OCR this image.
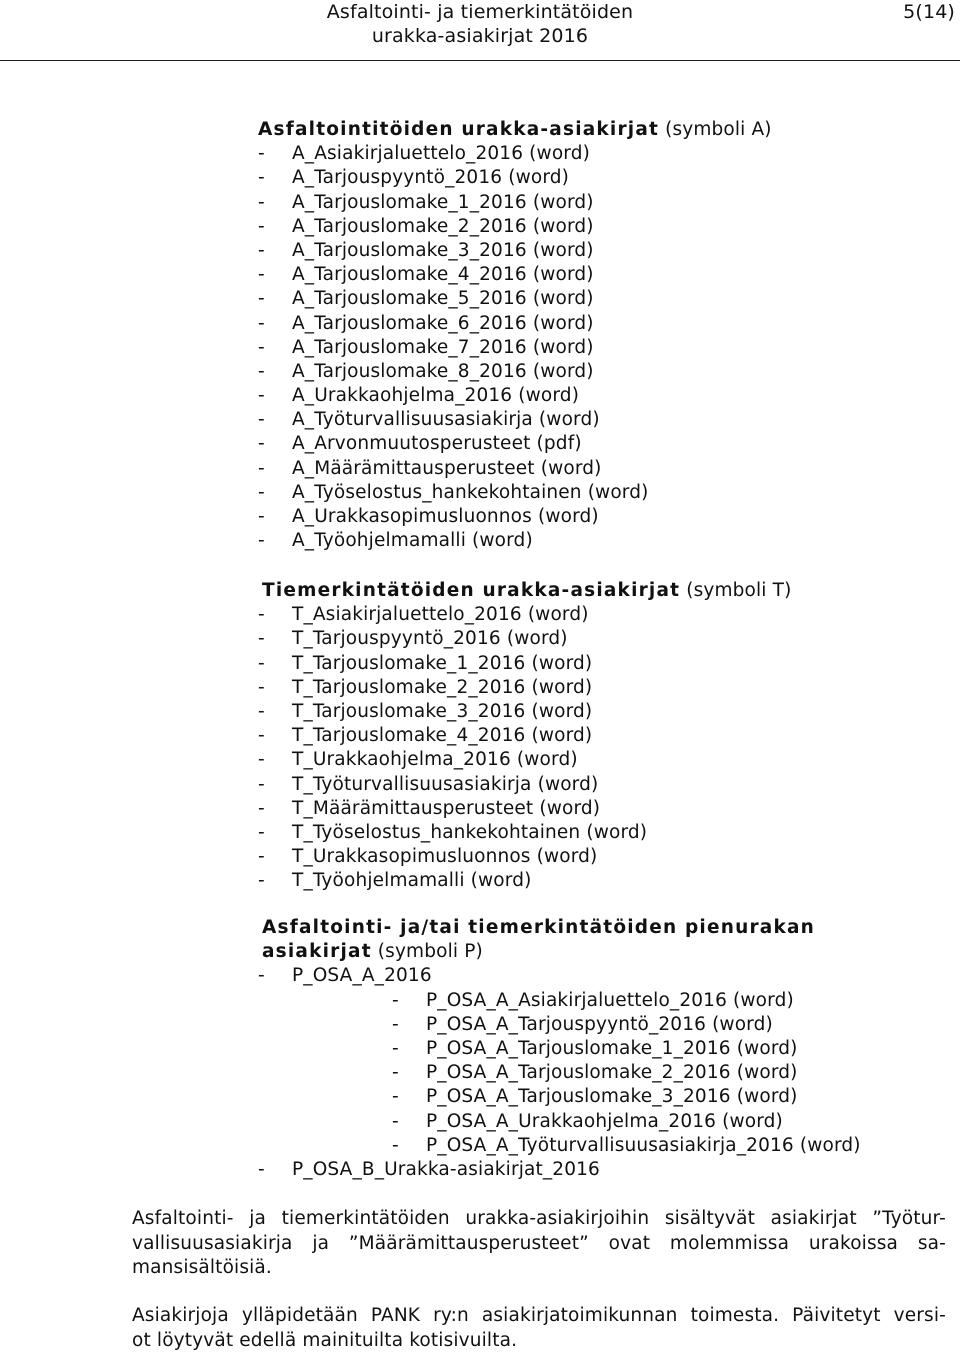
Asfaltointi- ja tiemerkintätöiden
urakka-asiakirjat 2016
5(14)
Asfaltointitöiden urakka-asiakirjat (symboli A)
- A_Asiakirjaluettelo_2016 (word)
- A_Tarjouspyyntö_2016 (word)
- A_Tarjouslomake_1_2016 (word)
- A_Tarjouslomake_2_2016 (word)
- A_Tarjouslomake_3_2016 (word)
- A_Tarjouslomake_4_2016 (word)
- A_Tarjouslomake_5_2016 (word)
- A_Tarjouslomake_6_2016 (word)
- A_Tarjouslomake_7_2016 (word)
- A_Tarjouslomake_8_2016 (word)
- A_Urakkaohjelma_2016 (word)
- A_Työturvallisuusasiakirja (word)
- A_Arvonmuutosperusteet (pdf)
- A_Määrämittausperusteet (word)
- A_Työselostus_hankekohtainen (word)
- A_Urakkasopimusluonnos (word)
- A_Työohjelmamalli (word)
Tiemerkintätöiden urakka-asiakirjat (symboli T)
- T_Asiakirjaluettelo_2016 (word)
- T_Tarjouspyyntö_2016 (word)
- T_Tarjouslomake_1_2016 (word)
- T_Tarjouslomake_2_2016 (word)
- T_Tarjouslomake_3_2016 (word)
- T_Tarjouslomake_4_2016 (word)
- T_Urakkaohjelma_2016 (word)
- T_Työturvallisuusasiakirja (word)
- T_Määrämittausperusteet (word)
- T_Työselostus_hankekohtainen (word)
- T_Urakkasopimusluonnos (word)
- T_Työohjelmamalli (word)
Asfaltointi- ja/tai tiemerkintätöiden pienurakan
asiakirjat (symboli P)
- P_OSA_A_2016
- P_OSA_A_Asiakirjaluettelo_2016 (word)
- P_OSA_A_Tarjouspyyntö_2016 (word)
- P_OSA_A_Tarjouslomake_1_2016 (word)
- P_OSA_A_Tarjouslomake_2_2016 (word)
- P_OSA_A_Tarjouslomake_3_2016 (word)
- P_OSA_A_Urakkaohjelma_2016 (word)
- P_OSA_A_Työturvallisuusasiakirja_2016 (word)
- P_OSA_B_Urakka-asiakirjat_2016
Asfaltointi- ja tiemerkintätöiden urakka-asiakirjoihin sisältyvät asiakirjat ”Työtur-
vallisuusasiakirja ja ”Määrämittausperusteet” ovat molemmissa urakoissa sa-
mansisältöisiä.
Asiakirjoja ylläpidetään PANK ry:n asiakirjatoimikunnan toimesta. Päivitetyt versi-
ot löytyvät edellä mainituilta kotisivuilta.
